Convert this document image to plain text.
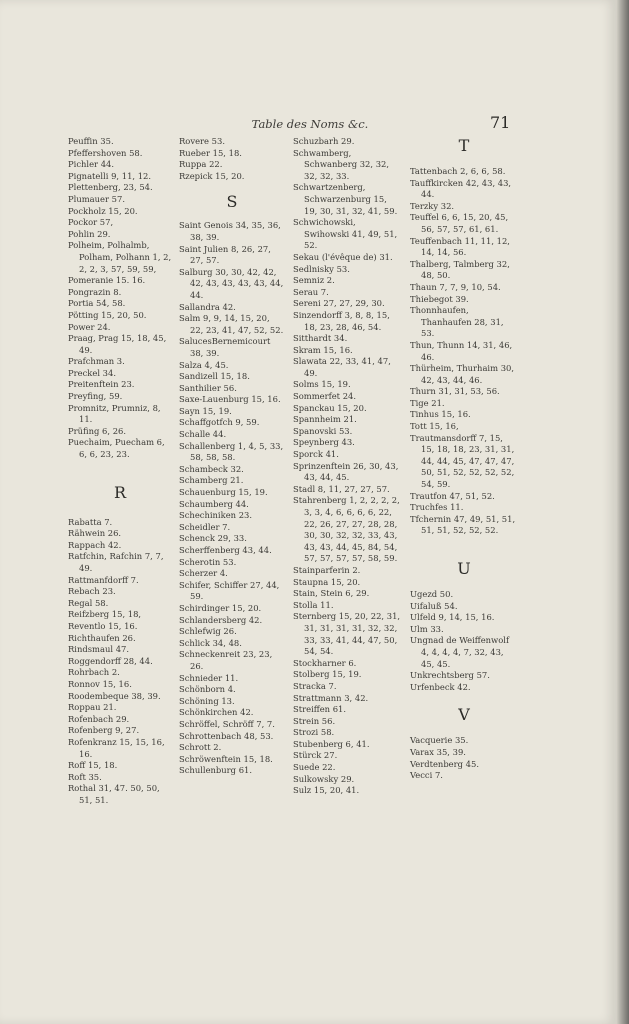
Table des Noms &c.	71
Peuffin 35.
Pfeffershoven 58.
Pichler 44.
Pignatelli 9, 11, 12.
Plettenberg, 23, 54.
Plumauer 57.
Pockholz 15, 20.
Pockor 57,
Pohlin 29.
Polheim, Polhalmb, Polham, Polhann 1, 2, 2, 2, 3, 57, 59, 59,
Pomeranie 15. 16.
Pongrazin 8.
Portia 54, 58.
Pötting 15, 20, 50.
Power 24.
Praag, Prag 15, 18, 45, 49.
Prafchman 3.
Preckel 34.
Preitenftein 23.
Preyfing, 59.
Promnitz, Prumniz, 8, 11.
Prüfing 6, 26.
Puechaim, Puecham 6, 6, 6, 23, 23.
R
Rabatta 7.
Rähwein 26.
Rappach 42.
Ratfchin, Rafchin 7, 7, 49.
Rattmanfdorff 7.
Rebach 23.
Regal 58.
Reifzberg 15, 18,
Reventlo 15, 16.
Richthaufen 26.
Rindsmaul 47.
Roggendorff 28, 44.
Rohrbach 2.
Ronnov 15, 16.
Roodembeque 38, 39.
Roppau 21.
Rofenbach 29.
Rofenberg 9, 27.
Rofenkranz 15, 15, 16, 16.
Roff 15, 18.
Roft 35.
Rothal 31, 47. 50, 50, 51, 51.
Rovere 53.
Rueber 15, 18.
Ruppa 22.
Rzepick 15, 20.
S
Saint Genois 34, 35, 36, 38, 39.
Saint Julien 8, 26, 27, 27, 57.
Salburg 30, 30, 42, 42, 42, 43, 43, 43, 43, 44, 44.
Sallandra 42.
Salm 9, 9, 14, 15, 20, 22, 23, 41, 47, 52, 52.
SalucesBernemicourt 38, 39.
Salza 4, 45.
Sandizell 15, 18.
Santhilier 56.
Saxe-Lauenburg 15, 16.
Sayn 15, 19.
Schaffgotfch 9, 59.
Schalle 44.
Schallenberg 1, 4, 5, 33, 58, 58, 58.
Schambeck 32.
Schamberg 21.
Schauenburg 15, 19.
Schaumberg 44.
Schechiniken 23.
Scheidler 7.
Schenck 29, 33.
Scherffenberg 43, 44.
Scherotin 53.
Scherzer 4.
Schifer, Schiffer 27, 44, 59.
Schirdinger 15, 20.
Schlandersberg 42.
Schlefwig 26.
Schlick 34, 48.
Schneckenreit 23, 23, 26.
Schnieder 11.
Schönborn 4.
Schöning 13.
Schönkirchen 42.
Schröffel, Schröff 7, 7.
Schrottenbach 48, 53.
Schrott 2.
Schröwenftein 15, 18.
Schullenburg 61.
Schuzbarh 29.
Schwamberg, Schwanberg 32, 32, 32, 32, 33.
Schwartzenberg, Schwarzenburg 15, 19, 30, 31, 32, 41, 59.
Schwichowski, Swihowski 41, 49, 51, 52.
Sekau (l'évêque de) 31.
Sedlnisky 53.
Semniz 2.
Serau 7.
Sereni 27, 27, 29, 30.
Sinzendorff 3, 8, 8, 15, 18, 23, 28, 46, 54.
Sitthardt 34.
Skram 15, 16.
Slawata 22, 33, 41, 47, 49.
Solms 15, 19.
Sommerfet 24.
Spanckau 15, 20.
Spannheim 21.
Spanovski 53.
Speynberg 43.
Sporck 41.
Sprinzenftein 26, 30, 43, 43, 44, 45.
Stadl 8, 11, 27, 27, 57.
Stahrenberg 1, 2, 2, 2, 2, 3, 3, 4, 6, 6, 6, 6, 22, 22, 26, 27, 27, 28, 28, 30, 30, 32, 32, 33, 43, 43, 43, 44, 45, 84, 54, 57, 57, 57, 57, 58, 59.
Stainparferin 2.
Staupna 15, 20.
Stain, Stein 6, 29.
Stolla 11.
Sternberg 15, 20, 22, 31, 31, 31, 31, 31, 32, 32, 33, 33, 41, 44, 47, 50, 54, 54.
Stockharner 6.
Stolberg 15, 19.
Stracka 7.
Strattmann 3, 42.
Streiffen 61.
Strein 56.
Strozi 58.
Stubenberg 6, 41.
Stürck 27.
Suede 22.
Sulkowsky 29.
Sulz 15, 20, 41.
T
Tattenbach 2, 6, 6, 58.
Tauffkircken 42, 43, 43, 44.
Terzky 32.
Teuffel 6, 6, 15, 20, 45, 56, 57, 57, 61, 61.
Teuffenbach 11, 11, 12, 14, 14, 56.
Thalberg, Talmberg 32, 48, 50.
Thaun 7, 7, 9, 10, 54.
Thiebegot 39.
Thonnhaufen, Thanhaufen 28, 31, 53.
Thun, Thunn 14, 31, 46, 46.
Thürheim, Thurhaim 30, 42, 43, 44, 46.
Thurn 31, 31, 53, 56.
Tige 21.
Tinhus 15, 16.
Tott 15, 16,
Trautmansdorff 7, 15, 15, 18, 18, 23, 31, 31, 44, 44, 45, 47, 47, 47, 50, 51, 52, 52, 52, 52, 54, 59.
Trautfon 47, 51, 52.
Truchfes 11.
Tfchernin 47, 49, 51, 51, 51, 51, 52, 52, 52.
U
Ugezd 50.
Uifaluß 54.
Ulfeld 9, 14, 15, 16.
Ulm 33.
Ungnad de Weiffenwolf 4, 4, 4, 4, 7, 32, 43, 45, 45.
Unkrechtsberg 57.
Urfenbeck 42.
V
Vacquerie 35.
Varax 35, 39.
Verdtenberg 45.
Vecci 7.
